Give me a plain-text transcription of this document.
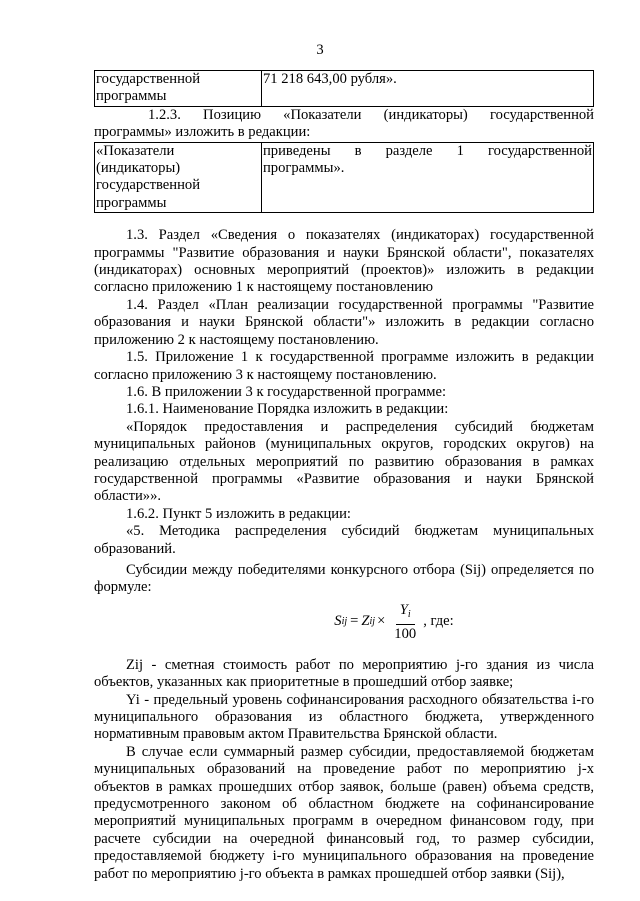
3
государственной программы	71 218 643,00 рубля».

1.2.3. Позицию «Показатели (индикаторы) государственной программы» изложить в редакции:

«Показатели (индикаторы) государственной программы	приведены в разделе 1 государственной программы».

1.3. Раздел «Сведения о показателях (индикаторах) государственной программы "Развитие образования и науки Брянской области", показателях (индикаторах) основных мероприятий (проектов)» изложить в редакции согласно приложению 1 к настоящему постановлению

1.4. Раздел «План реализации государственной программы "Развитие образования и науки Брянской области"» изложить в редакции согласно приложению 2 к настоящему постановлению.

1.5. Приложение 1 к государственной программе изложить в редакции согласно приложению 3 к настоящему постановлению.

1.6. В приложении 3 к государственной программе:

1.6.1. Наименование Порядка изложить в редакции:

«Порядок предоставления и распределения субсидий бюджетам муниципальных районов (муниципальных округов, городских округов) на реализацию отдельных мероприятий по развитию образования в рамках государственной программы «Развитие образования и науки Брянской области»».

1.6.2. Пункт 5 изложить в редакции:

«5. Методика распределения субсидий бюджетам муниципальных образований.

Субсидии между победителями конкурсного отбора (Sij) определяется по формуле:

S ij = Z ij × $\frac{Y_i}{100}$ , где:

Zij - сметная стоимость работ по мероприятию j-го здания из числа объектов, указанных как приоритетные в прошедший отбор заявке;

Yi - предельный уровень софинансирования расходного обязательства i-го муниципального образования из областного бюджета, утвержденного нормативным правовым актом Правительства Брянской области.

В случае если суммарный размер субсидии, предоставляемой бюджетам муниципальных образований на проведение работ по мероприятию j-х объектов в рамках прошедших отбор заявок, больше (равен) объема средств, предусмотренного законом об областном бюджете на софинансирование мероприятий муниципальных программ в очередном финансовом году, при расчете субсидии на очередной финансовый год, то размер субсидии, предоставляемой бюджету i-го муниципального образования на проведение работ по мероприятию j-го объекта в рамках прошедшей отбор заявки (Sij),
